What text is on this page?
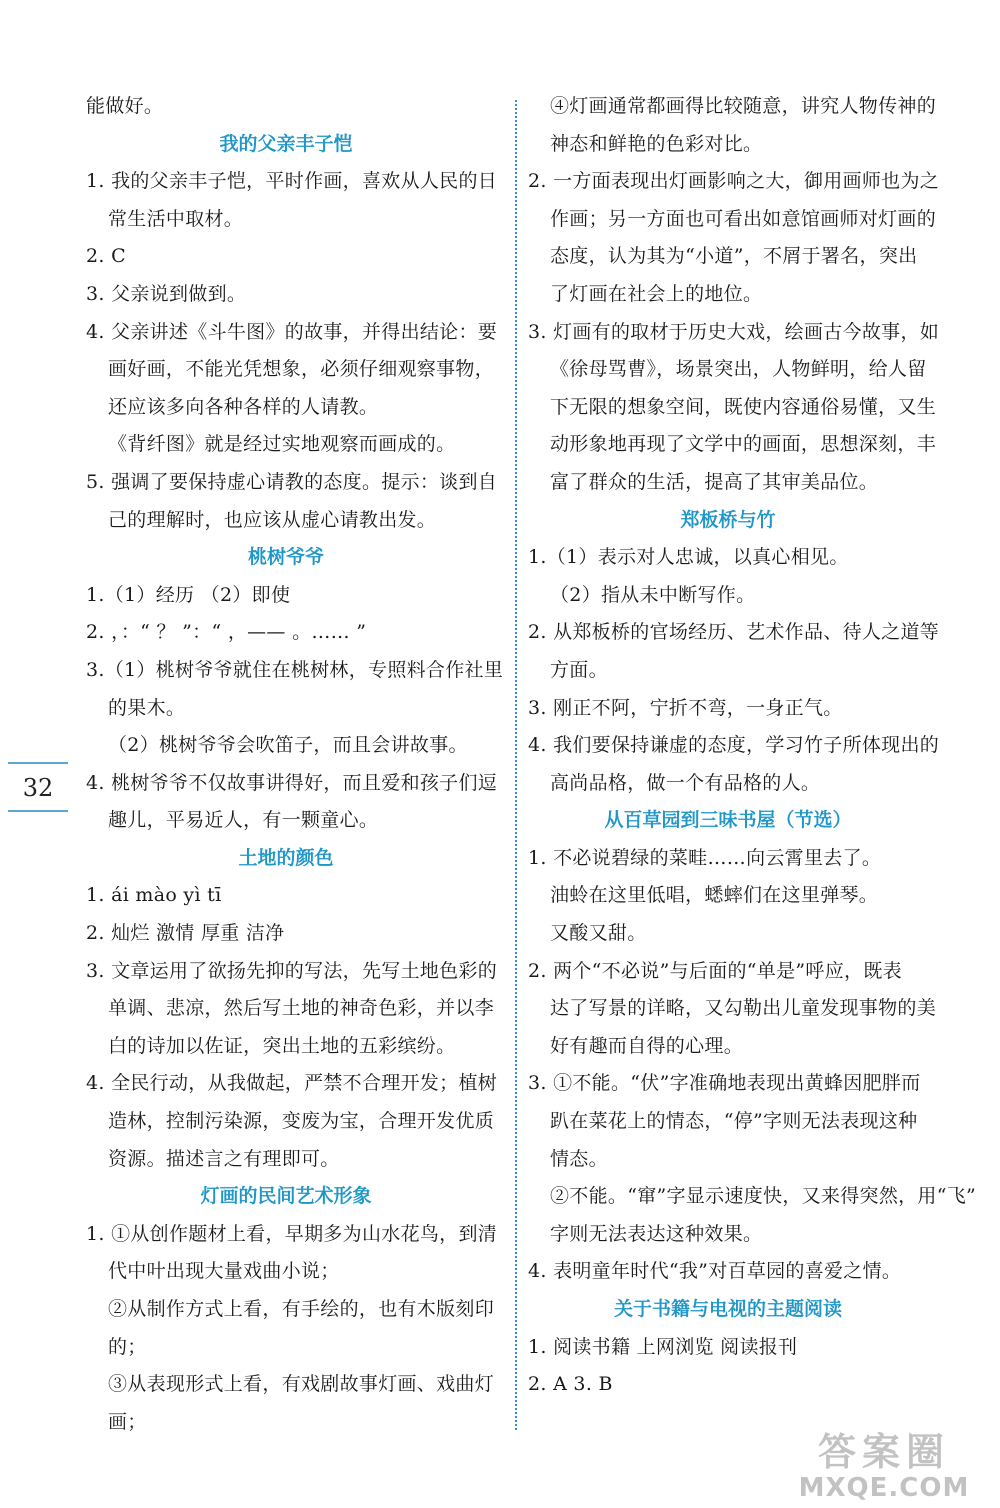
能做好。
我的父亲丰子恺
1. 我的父亲丰子恺，平时作画，喜欢从人民的日
常生活中取材。
2. C
3. 父亲说到做到。
4. 父亲讲述《斗牛图》的故事，并得出结论：要
画好画，不能光凭想象，必须仔细观察事物，
还应该多向各种各样的人请教。
《背纤图》就是经过实地观察而画成的。
5. 强调了要保持虚心请教的态度。提示：谈到自
己的理解时，也应该从虚心请教出发。
桃树爷爷
1.（1）经历 （2）即使
2. ，：“ ？ ”：“ ，—— 。…… ”
3.（1）桃树爷爷就住在桃树林，专照料合作社里
的果木。
（2）桃树爷爷会吹笛子，而且会讲故事。
4. 桃树爷爷不仅故事讲得好，而且爱和孩子们逗
趣儿，平易近人，有一颗童心。
土地的颜色
1. ái mào yì tī
2. 灿烂 激情 厚重 洁净
3. 文章运用了欲扬先抑的写法，先写土地色彩的
单调、悲凉，然后写土地的神奇色彩，并以李
白的诗加以佐证，突出土地的五彩缤纷。
4. 全民行动，从我做起，严禁不合理开发；植树
造林，控制污染源，变废为宝，合理开发优质
资源。描述言之有理即可。
灯画的民间艺术形象
1. ①从创作题材上看，早期多为山水花鸟，到清
代中叶出现大量戏曲小说；
②从制作方式上看，有手绘的，也有木版刻印
的；
③从表现形式上看，有戏剧故事灯画、戏曲灯
画；
④灯画通常都画得比较随意，讲究人物传神的
神态和鲜艳的色彩对比。
2. 一方面表现出灯画影响之大，御用画师也为之
作画；另一方面也可看出如意馆画师对灯画的
态度，认为其为“小道”，不屑于署名，突出
了灯画在社会上的地位。
3. 灯画有的取材于历史大戏，绘画古今故事，如
《徐母骂曹》，场景突出，人物鲜明，给人留
下无限的想象空间，既使内容通俗易懂，又生
动形象地再现了文学中的画面，思想深刻，丰
富了群众的生活，提高了其审美品位。
郑板桥与竹
1.（1）表示对人忠诚，以真心相见。
（2）指从未中断写作。
2. 从郑板桥的官场经历、艺术作品、待人之道等
方面。
3. 刚正不阿，宁折不弯，一身正气。
4. 我们要保持谦虚的态度，学习竹子所体现出的
高尚品格，做一个有品格的人。
从百草园到三味书屋（节选）
1. 不必说碧绿的菜畦……向云霄里去了。
油蛉在这里低唱，蟋蟀们在这里弹琴。
又酸又甜。
2. 两个“不必说”与后面的“单是”呼应，既表
达了写景的详略，又勾勒出儿童发现事物的美
好有趣而自得的心理。
3. ①不能。“伏”字准确地表现出黄蜂因肥胖而
趴在菜花上的情态，“停”字则无法表现这种
情态。
②不能。“窜”字显示速度快，又来得突然，用“飞”
字则无法表达这种效果。
4. 表明童年时代“我”对百草园的喜爱之情。
关于书籍与电视的主题阅读
1. 阅读书籍 上网浏览 阅读报刊
2. A 3. B
32
答案圈
MXQE.COM
